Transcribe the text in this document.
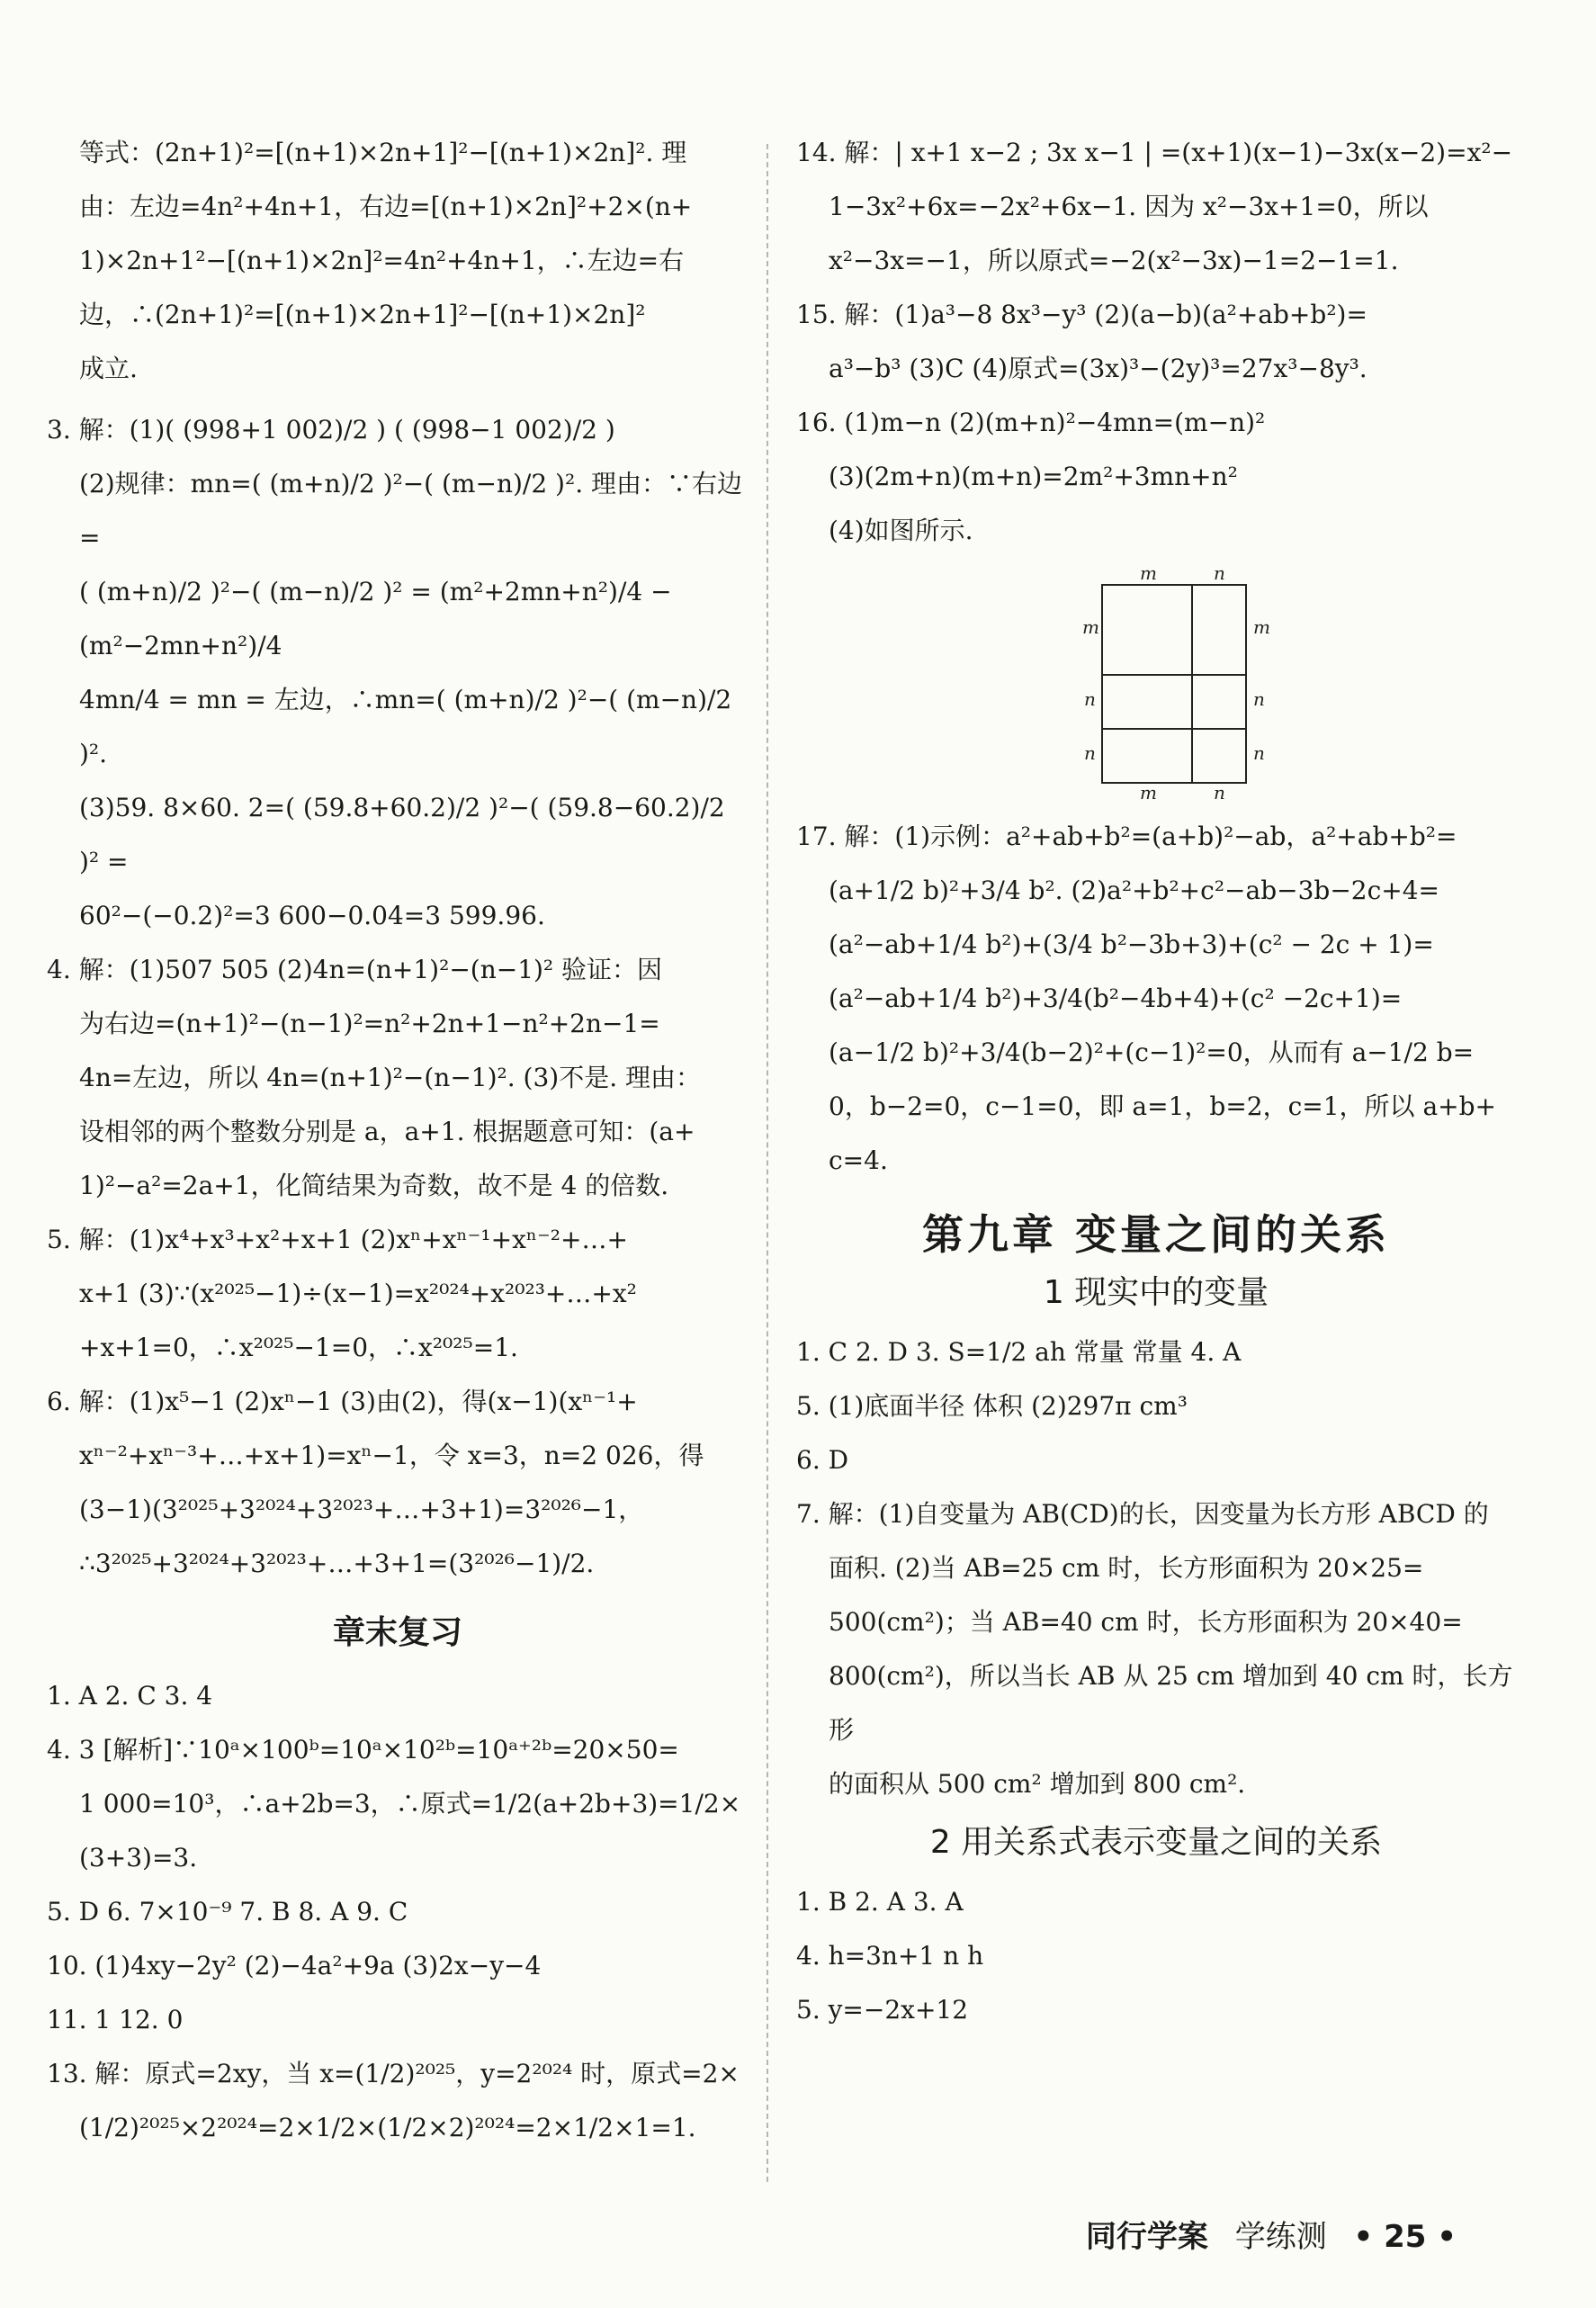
等式：(2n+1)²=[(n+1)×2n+1]²−[(n+1)×2n]². 理

由：左边=4n²+4n+1，右边=[(n+1)×2n]²+2×(n+

1)×2n+1²−[(n+1)×2n]²=4n²+4n+1，∴左边=右

边，∴(2n+1)²=[(n+1)×2n+1]²−[(n+1)×2n]²

成立.

3. 解：(1)( (998+1 002)/2 ) ( (998−1 002)/2 )

(2)规律：mn=( (m+n)/2 )²−( (m−n)/2 )². 理由：∵右边=

( (m+n)/2 )²−( (m−n)/2 )² = (m²+2mn+n²)/4 − (m²−2mn+n²)/4

4mn/4 = mn = 左边，∴mn=( (m+n)/2 )²−( (m−n)/2 )².

(3)59. 8×60. 2=( (59.8+60.2)/2 )²−( (59.8−60.2)/2 )² =

60²−(−0.2)²=3 600−0.04=3 599.96.

4. 解：(1)507 505 (2)4n=(n+1)²−(n−1)² 验证：因

为右边=(n+1)²−(n−1)²=n²+2n+1−n²+2n−1=

4n=左边，所以 4n=(n+1)²−(n−1)². (3)不是. 理由：

设相邻的两个整数分别是 a，a+1. 根据题意可知：(a+

1)²−a²=2a+1，化简结果为奇数，故不是 4 的倍数.

5. 解：(1)x⁴+x³+x²+x+1 (2)xⁿ+xⁿ⁻¹+xⁿ⁻²+…+

x+1 (3)∵(x²⁰²⁵−1)÷(x−1)=x²⁰²⁴+x²⁰²³+…+x²

+x+1=0，∴x²⁰²⁵−1=0，∴x²⁰²⁵=1.

6. 解：(1)x⁵−1 (2)xⁿ−1 (3)由(2)，得(x−1)(xⁿ⁻¹+

xⁿ⁻²+xⁿ⁻³+…+x+1)=xⁿ−1，令 x=3，n=2 026，得

(3−1)(3²⁰²⁵+3²⁰²⁴+3²⁰²³+…+3+1)=3²⁰²⁶−1，

∴3²⁰²⁵+3²⁰²⁴+3²⁰²³+…+3+1=(3²⁰²⁶−1)/2.

章末复习

1. A 2. C 3. 4

4. 3 [解析]∵10ᵃ×100ᵇ=10ᵃ×10²ᵇ=10ᵃ⁺²ᵇ=20×50=

1 000=10³，∴a+2b=3，∴原式=1/2(a+2b+3)=1/2×

(3+3)=3.

5. D 6. 7×10⁻⁹ 7. B 8. A 9. C

10. (1)4xy−2y² (2)−4a²+9a (3)2x−y−4

11. 1 12. 0

13. 解：原式=2xy，当 x=(1/2)²⁰²⁵，y=2²⁰²⁴ 时，原式=2×

(1/2)²⁰²⁵×2²⁰²⁴=2×1/2×(1/2×2)²⁰²⁴=2×1/2×1=1.

14. 解：| x+1 x−2 ; 3x x−1 | =(x+1)(x−1)−3x(x−2)=x²−

1−3x²+6x=−2x²+6x−1. 因为 x²−3x+1=0，所以

x²−3x=−1，所以原式=−2(x²−3x)−1=2−1=1.

15. 解：(1)a³−8 8x³−y³ (2)(a−b)(a²+ab+b²)=

a³−b³ (3)C (4)原式=(3x)³−(2y)³=27x³−8y³.

16. (1)m−n (2)(m+n)²−4mn=(m−n)²

(3)(2m+n)(m+n)=2m²+3mn+n²

(4)如图所示.

m	n
m	m
n	n
n	n
m	n

17. 解：(1)示例：a²+ab+b²=(a+b)²−ab，a²+ab+b²=

(a+1/2 b)²+3/4 b². (2)a²+b²+c²−ab−3b−2c+4=

(a²−ab+1/4 b²)+(3/4 b²−3b+3)+(c² − 2c + 1)=

(a²−ab+1/4 b²)+3/4(b²−4b+4)+(c² −2c+1)=

(a−1/2 b)²+3/4(b−2)²+(c−1)²=0，从而有 a−1/2 b=

0，b−2=0，c−1=0，即 a=1，b=2，c=1，所以 a+b+

c=4.

第九章 变量之间的关系
1 现实中的变量

1. C 2. D 3. S=1/2 ah 常量 常量 4. A

5. (1)底面半径 体积 (2)297π cm³

6. D

7. 解：(1)自变量为 AB(CD)的长，因变量为长方形 ABCD 的

面积. (2)当 AB=25 cm 时，长方形面积为 20×25=

500(cm²)；当 AB=40 cm 时，长方形面积为 20×40=

800(cm²)，所以当长 AB 从 25 cm 增加到 40 cm 时，长方形

的面积从 500 cm² 增加到 800 cm².

2 用关系式表示变量之间的关系

1. B 2. A 3. A

4. h=3n+1 n h

5. y=−2x+12

同行学案 学练测 • 25 •
